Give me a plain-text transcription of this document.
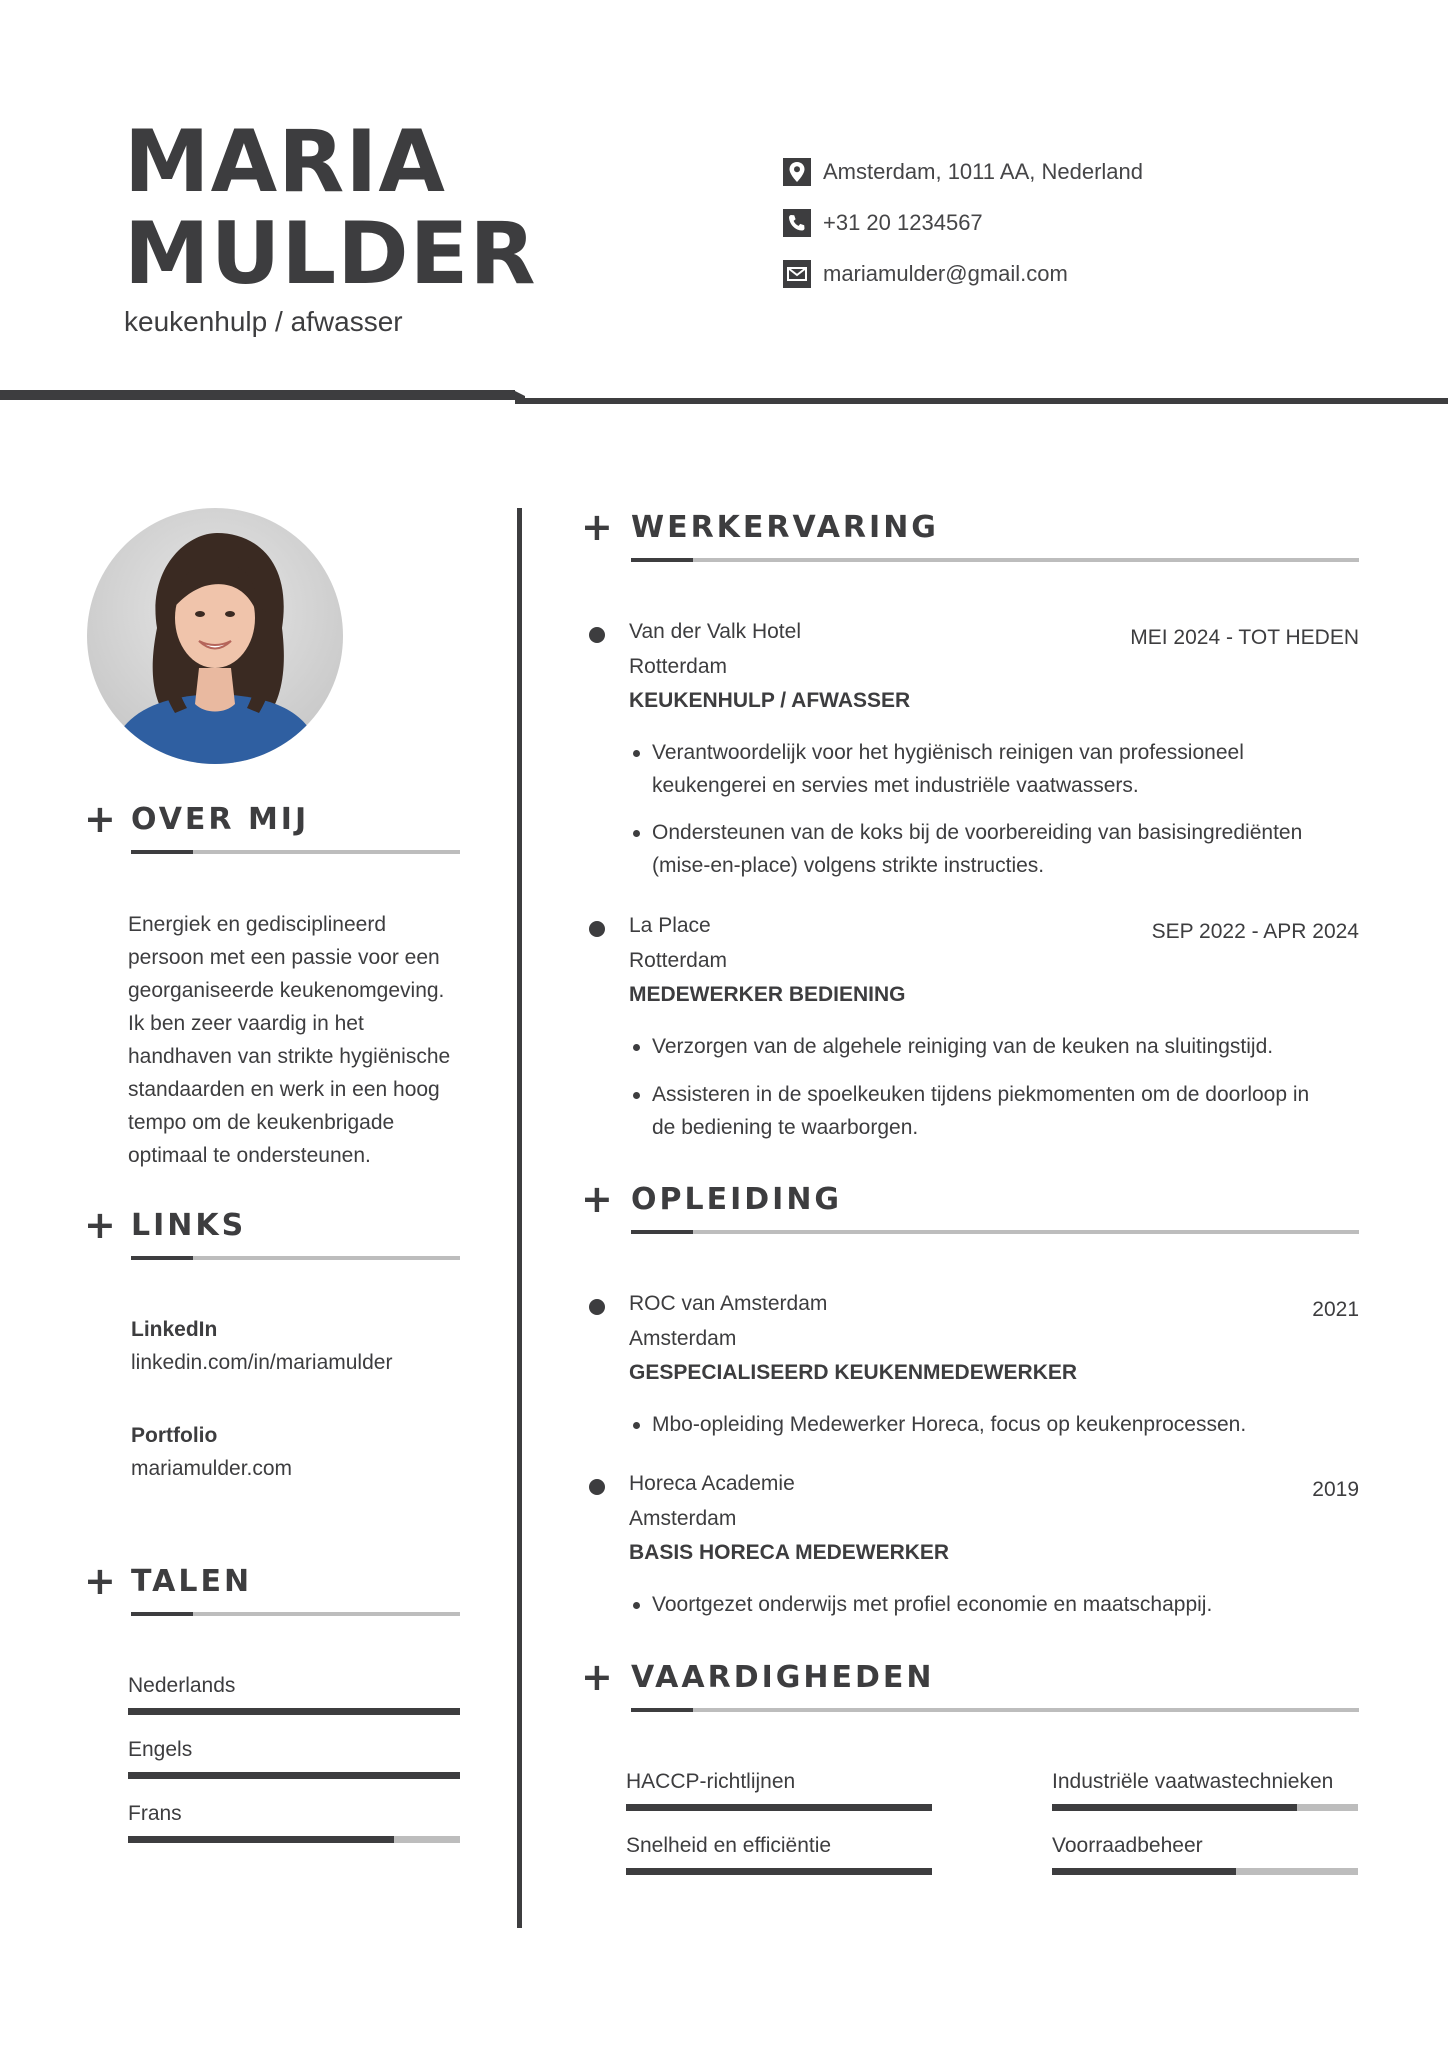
MARIA
MULDER
keukenhulp / afwasser
Amsterdam, 1011 AA, Nederland
+31 20 1234567
mariamulder@gmail.com
+ OVER MIJ
Energiek en gedisciplineerd
persoon met een passie voor een
georganiseerde keukenomgeving.
Ik ben zeer vaardig in het
handhaven van strikte hygiënische
standaarden en werk in een hoog
tempo om de keukenbrigade
optimaal te ondersteunen.
+ LINKS
LinkedIn
linkedin.com/in/mariamulder
Portfolio
mariamulder.com
+ TALEN
Nederlands
Engels
Frans
+ WERKERVARING
Van der Valk Hotel	MEI 2024 - TOT HEDEN
Rotterdam
KEUKENHULP / AFWASSER
Verantwoordelijk voor het hygiënisch reinigen van professioneel
keukengerei en servies met industriële vaatwassers.
Ondersteunen van de koks bij de voorbereiding van basisingrediënten
(mise-en-place) volgens strikte instructies.
La Place	SEP 2022 - APR 2024
Rotterdam
MEDEWERKER BEDIENING
Verzorgen van de algehele reiniging van de keuken na sluitingstijd.
Assisteren in de spoelkeuken tijdens piekmomenten om de doorloop in
de bediening te waarborgen.
+ OPLEIDING
ROC van Amsterdam	2021
Amsterdam
GESPECIALISEERD KEUKENMEDEWERKER
Mbo-opleiding Medewerker Horeca, focus op keukenprocessen.
Horeca Academie	2019
Amsterdam
BASIS HORECA MEDEWERKER
Voortgezet onderwijs met profiel economie en maatschappij.
+ VAARDIGHEDEN
HACCP-richtlijnen	Industriële vaatwastechnieken
Snelheid en efficiëntie	Voorraadbeheer
